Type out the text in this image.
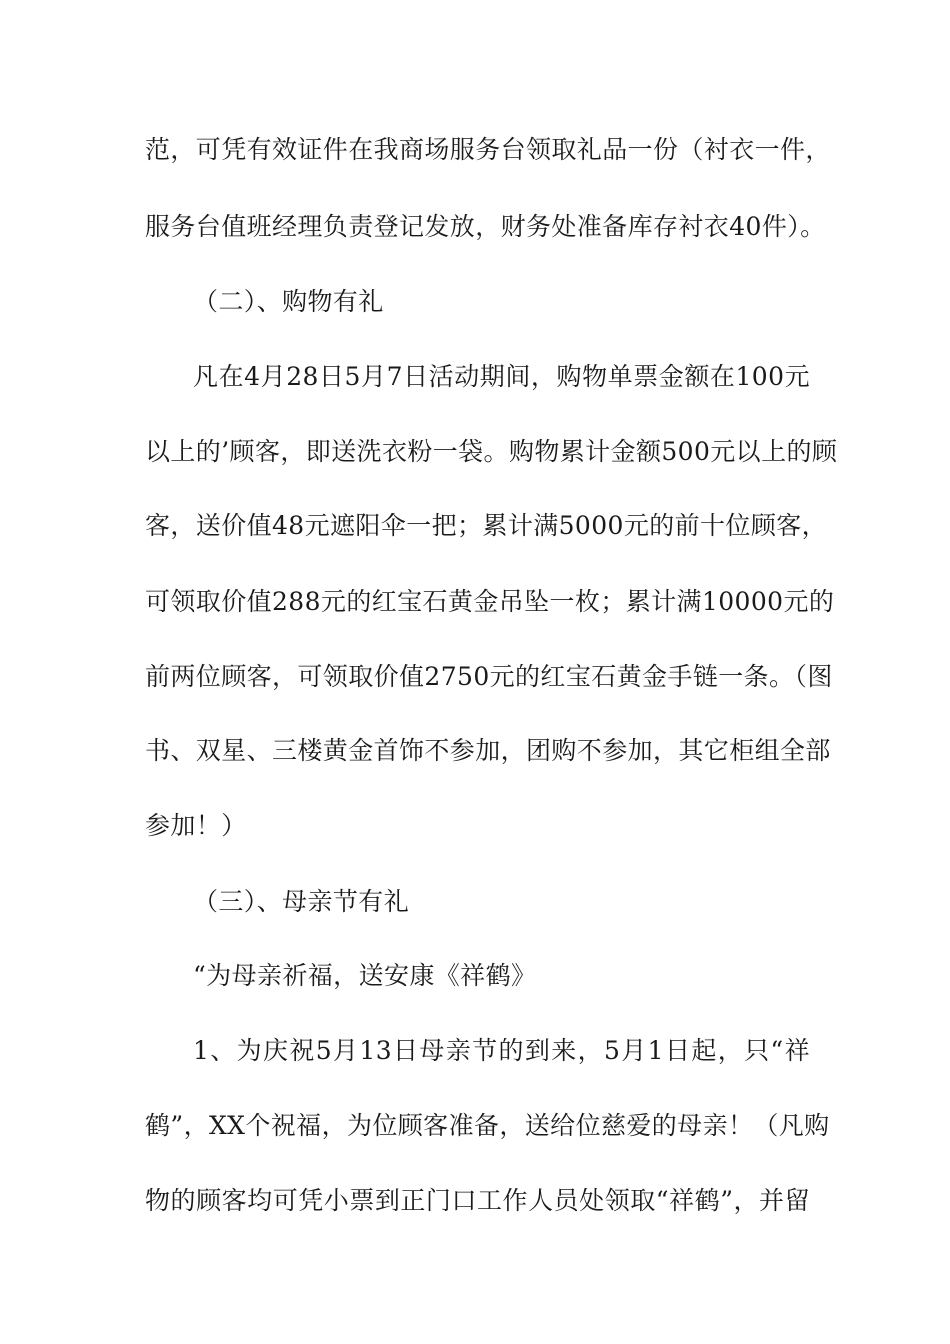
范，可凭有效证件在我商场服务台领取礼品一份（衬衣一件，
服务台值班经理负责登记发放，财务处准备库存衬衣40件）。
（二）、购物有礼
凡在4月28日5月7日活动期间，购物单票金额在100元
以上的’顾客，即送洗衣粉一袋。购物累计金额500元以上的顾
客，送价值48元遮阳伞一把；累计满5000元的前十位顾客，
可领取价值288元的红宝石黄金吊坠一枚；累计满10000元的
前两位顾客，可领取价值2750元的红宝石黄金手链一条。（图
书、双星、三楼黄金首饰不参加，团购不参加，其它柜组全部
参加！）
（三）、母亲节有礼
“为母亲祈福，送安康《祥鹤》
1、为庆祝5月13日母亲节的到来，5月1日起，只“祥
鹤”，XX个祝福，为位顾客准备，送给位慈爱的母亲！（凡购
物的顾客均可凭小票到正门口工作人员处领取“祥鹤”，并留
